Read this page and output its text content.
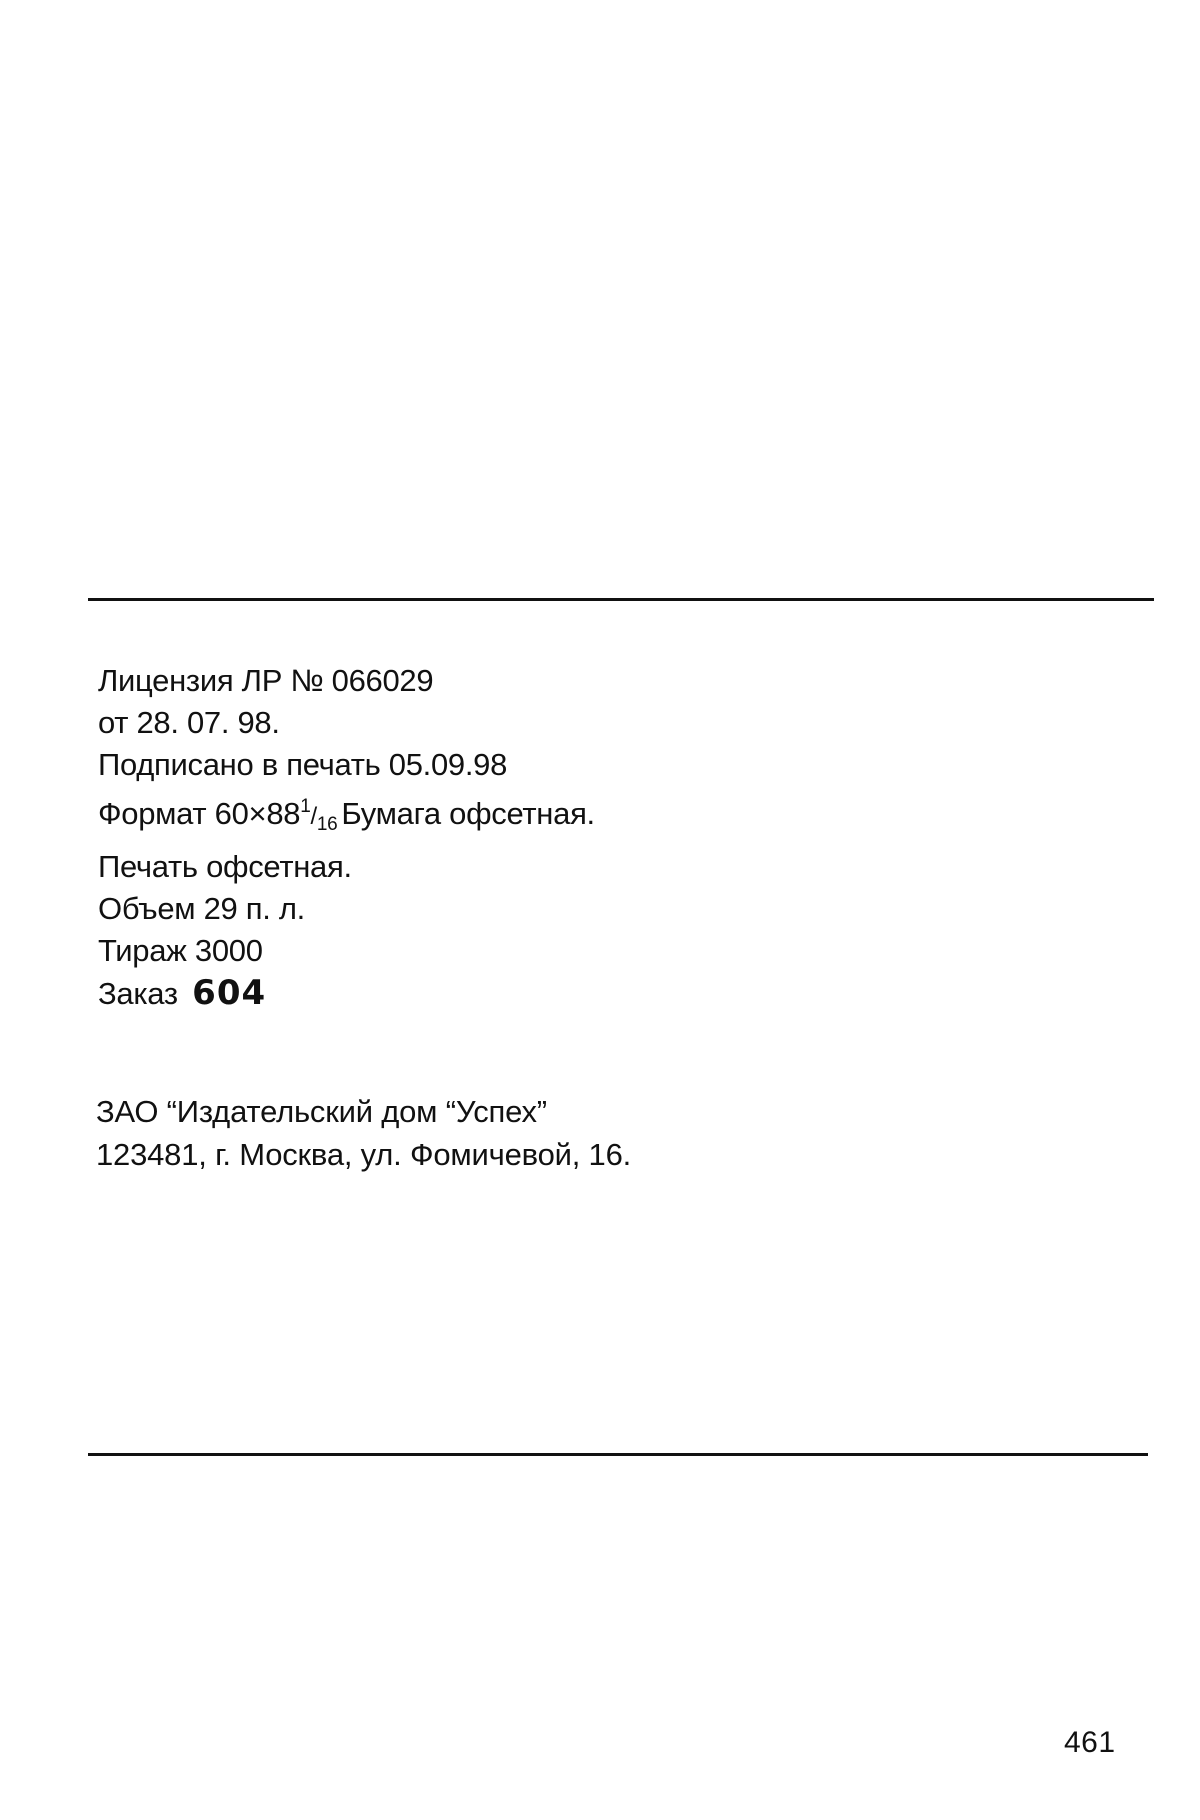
Лицензия ЛР № 066029
от 28. 07. 98.
Подписано в печать 05.09.98
Формат $60\times 88^1/16$ Бумага офсетная.
Печать офсетная.
Объем 29 п. л.
Тираж 3000
Заказ 604
ЗАО “Издательский дом “Успех”
123481, г. Москва, ул. Фомичевой, 16.
461
